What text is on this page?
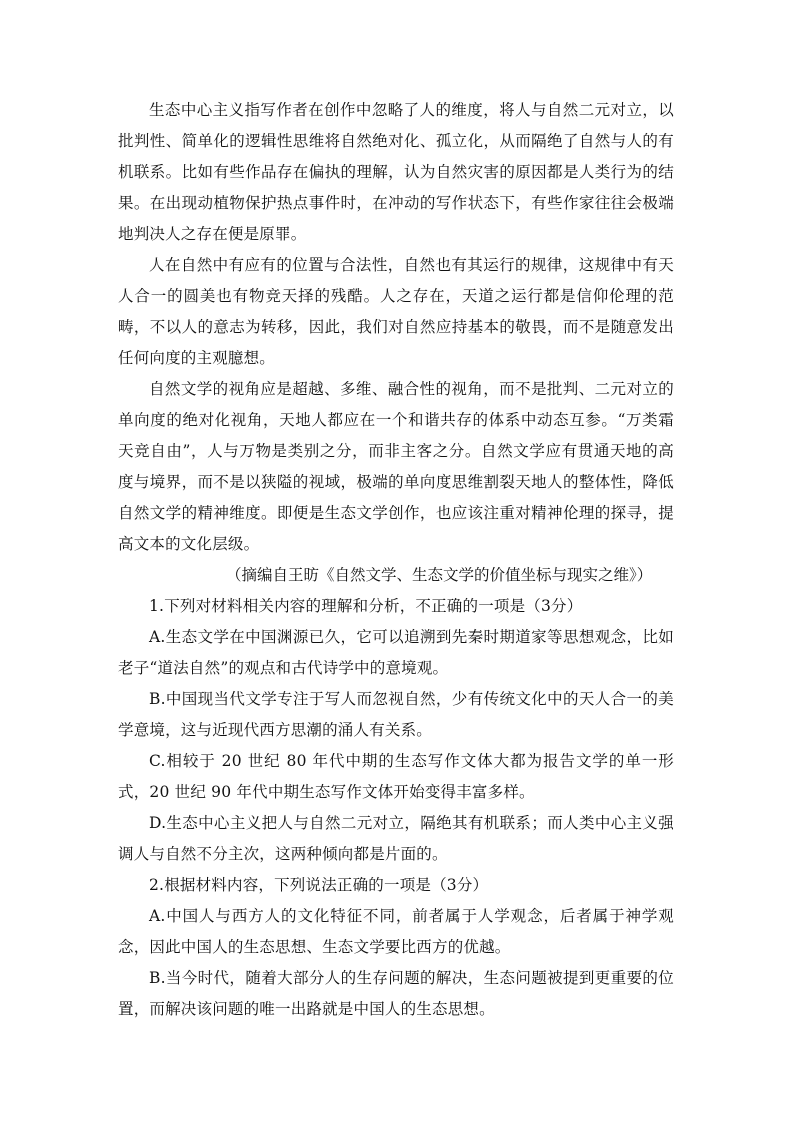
生态中心主义指写作者在创作中忽略了人的维度，将人与自然二元对立，以批判性、简单化的逻辑性思维将自然绝对化、孤立化，从而隔绝了自然与人的有机联系。比如有些作品存在偏执的理解，认为自然灾害的原因都是人类行为的结果。在出现动植物保护热点事件时，在冲动的写作状态下，有些作家往往会极端地判决人之存在便是原罪。

人在自然中有应有的位置与合法性，自然也有其运行的规律，这规律中有天人合一的圆美也有物竞天择的残酷。人之存在，天道之运行都是信仰伦理的范畴，不以人的意志为转移，因此，我们对自然应持基本的敬畏，而不是随意发出任何向度的主观臆想。

自然文学的视角应是超越、多维、融合性的视角，而不是批判、二元对立的单向度的绝对化视角，天地人都应在一个和谐共存的体系中动态互参。“万类霜天竞自由”，人与万物是类别之分，而非主客之分。自然文学应有贯通天地的高度与境界，而不是以狭隘的视域，极端的单向度思维割裂天地人的整体性，降低自然文学的精神维度。即便是生态文学创作，也应该注重对精神伦理的探寻，提高文本的文化层级。

（摘编自王昉《自然文学、生态文学的价值坐标与现实之维》）

1.下列对材料相关内容的理解和分析，不正确的一项是（3分）

A.生态文学在中国渊源已久，它可以追溯到先秦时期道家等思想观念，比如老子“道法自然”的观点和古代诗学中的意境观。

B.中国现当代文学专注于写人而忽视自然，少有传统文化中的天人合一的美学意境，这与近现代西方思潮的涌人有关系。

C.相较于 20 世纪 80 年代中期的生态写作文体大都为报告文学的单一形式，20 世纪 90 年代中期生态写作文体开始变得丰富多样。

D.生态中心主义把人与自然二元对立，隔绝其有机联系；而人类中心主义强调人与自然不分主次，这两种倾向都是片面的。

2.根据材料内容，下列说法正确的一项是（3分）

A.中国人与西方人的文化特征不同，前者属于人学观念，后者属于神学观念，因此中国人的生态思想、生态文学要比西方的优越。

B.当今时代，随着大部分人的生存问题的解决，生态问题被提到更重要的位置，而解决该问题的唯一出路就是中国人的生态思想。
